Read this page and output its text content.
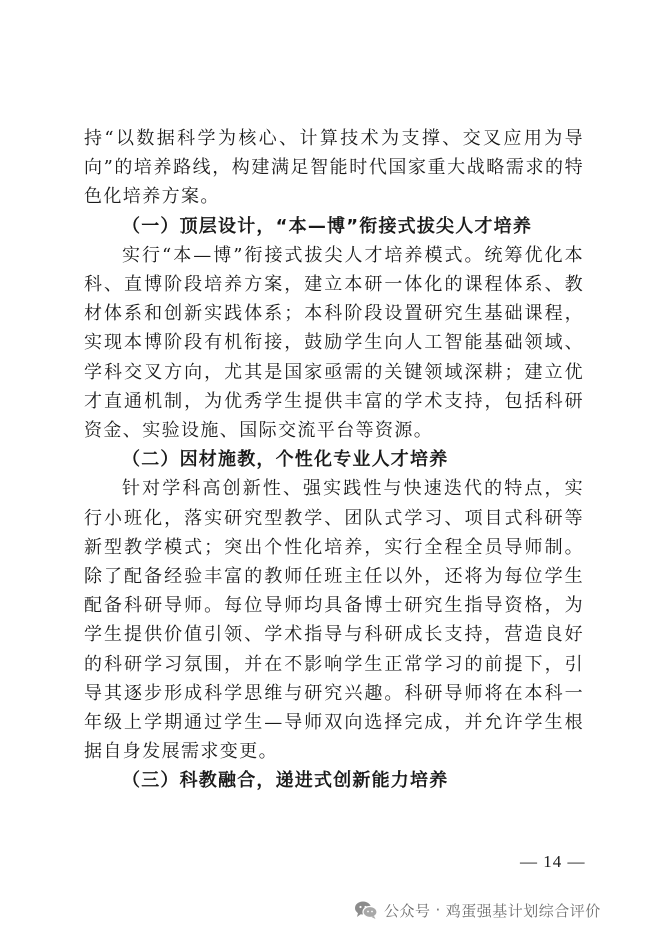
持“以数据科学为核心、计算技术为支撑、交叉应用为导向”的培养路线，构建满足智能时代国家重大战略需求的特色化培养方案。

（一）顶层设计，“本—博”衔接式拔尖人才培养

实行“本—博”衔接式拔尖人才培养模式。统筹优化本科、直博阶段培养方案，建立本研一体化的课程体系、教材体系和创新实践体系；本科阶段设置研究生基础课程，实现本博阶段有机衔接，鼓励学生向人工智能基础领域、学科交叉方向，尤其是国家亟需的关键领域深耕；建立优才直通机制，为优秀学生提供丰富的学术支持，包括科研资金、实验设施、国际交流平台等资源。

（二）因材施教，个性化专业人才培养

针对学科高创新性、强实践性与快速迭代的特点，实行小班化，落实研究型教学、团队式学习、项目式科研等新型教学模式；突出个性化培养，实行全程全员导师制。除了配备经验丰富的教师任班主任以外，还将为每位学生配备科研导师。每位导师均具备博士研究生指导资格，为学生提供价值引领、学术指导与科研成长支持，营造良好的科研学习氛围，并在不影响学生正常学习的前提下，引导其逐步形成科学思维与研究兴趣。科研导师将在本科一年级上学期通过学生—导师双向选择完成，并允许学生根据自身发展需求变更。

（三）科教融合，递进式创新能力培养

— 14 —
公众号 · 鸡蛋强基计划综合评价
